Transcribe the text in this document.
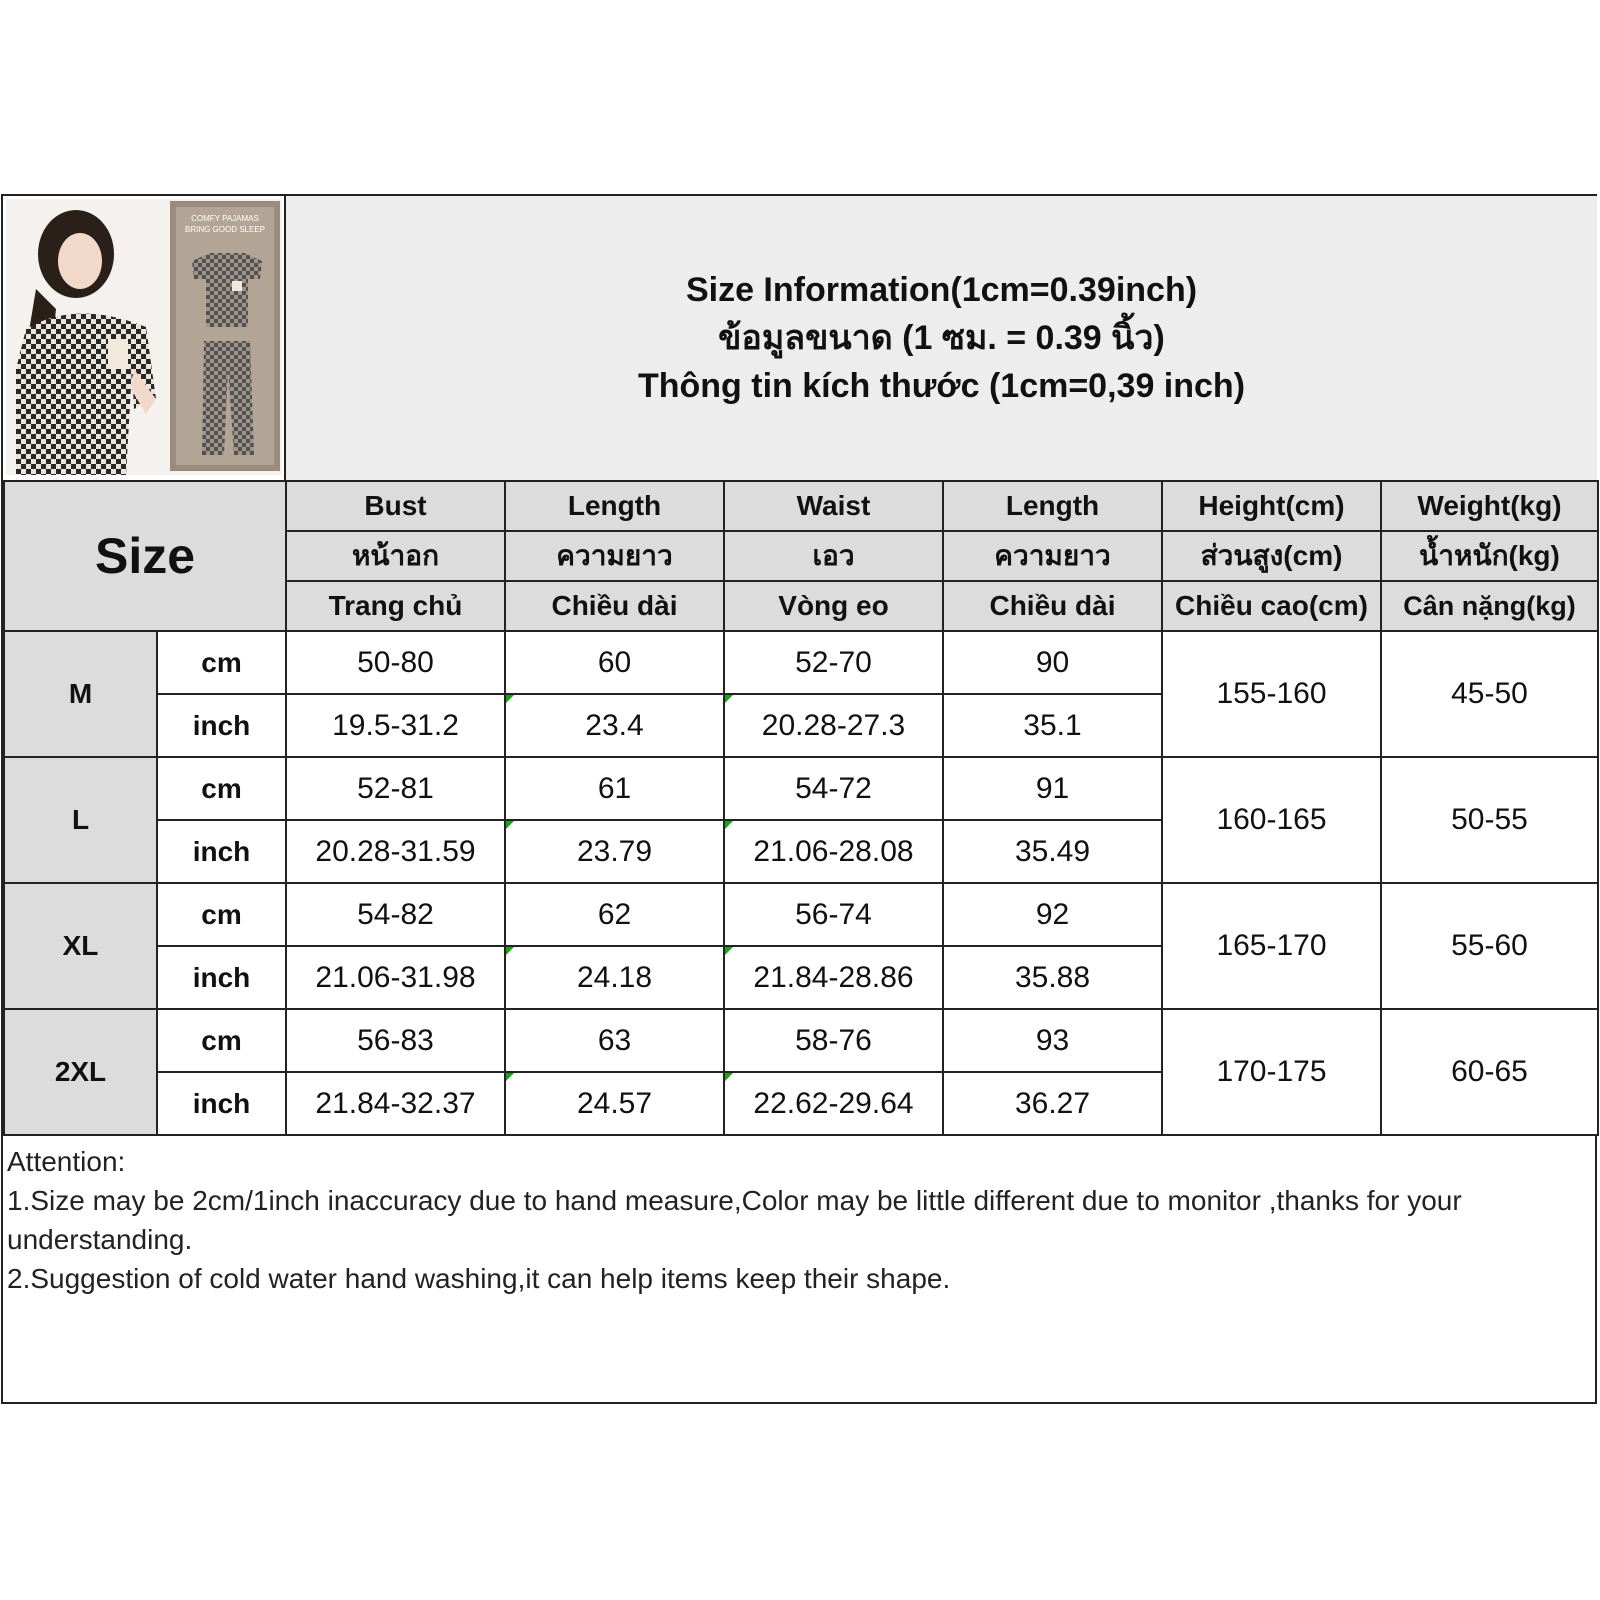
COMFY PAJAMAS
BRING GOOD SLEEP
Size Information(1cm=0.39inch)
ข้อมูลขนาด (1 ซม. = 0.39 นิ้ว)
Thông tin kích thước (1cm=0,39 inch)
Size		Bust	Length	Waist	Length	Height(cm)	Weight(kg)
		หน้าอก	ความยาว	เอว	ความยาว	ส่วนสูง(cm)	น้ำหนัก(kg)
		Trang chủ	Chiều dài	Vòng eo	Chiều dài	Chiều cao(cm)	Cân nặng(kg)
M	cm	50-80	60	52-70	90	155-160	45-50
	inch	19.5-31.2	23.4	20.28-27.3	35.1		
L	cm	52-81	61	54-72	91	160-165	50-55
	inch	20.28-31.59	23.79	21.06-28.08	35.49		
XL	cm	54-82	62	56-74	92	165-170	55-60
	inch	21.06-31.98	24.18	21.84-28.86	35.88		
2XL	cm	56-83	63	58-76	93	170-175	60-65
	inch	21.84-32.37	24.57	22.62-29.64	36.27		
Attention:
1.Size may be 2cm/1inch inaccuracy due to hand measure,Color may be little different due to monitor ,thanks for your understanding.
2.Suggestion of cold water hand washing,it can help items keep their shape.
